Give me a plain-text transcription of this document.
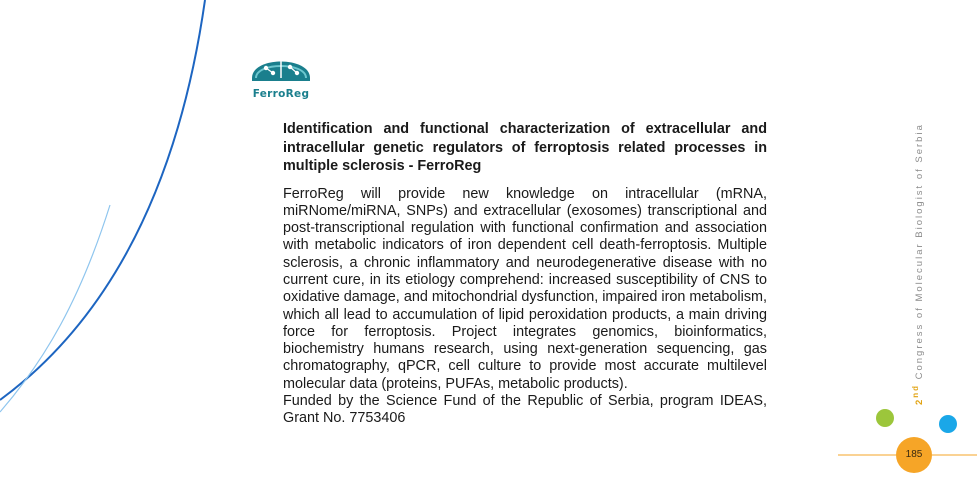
FerroReg

Identification and functional characterization of extracellular and intracellular genetic regulators of ferroptosis related processes in multiple sclerosis - FerroReg

FerroReg will provide new knowledge on intracellular (mRNA, miRNome/miRNA, SNPs) and extracellular (exosomes) transcriptional and post-transcriptional regulation with functional confirmation and association with metabolic indicators of iron dependent cell death-ferroptosis. Multiple sclerosis, a chronic inflammatory and neurodegenerative disease with no current cure, in its etiology comprehend: increased susceptibility of CNS to oxidative damage, and mitochondrial dysfunction, impaired iron metabolism, which all lead to accumulation of lipid peroxidation products, a main driving force for ferroptosis. Project integrates genomics, bioinformatics, biochemistry humans research, using next-generation sequencing, gas chromatography, qPCR, cell culture to provide most accurate multilevel molecular data (proteins, PUFAs, metabolic products).

Funded by the Science Fund of the Republic of Serbia, program IDEAS, Grant No. 7753406

2nd Congress of Molecular Biologist of Serbia
185
